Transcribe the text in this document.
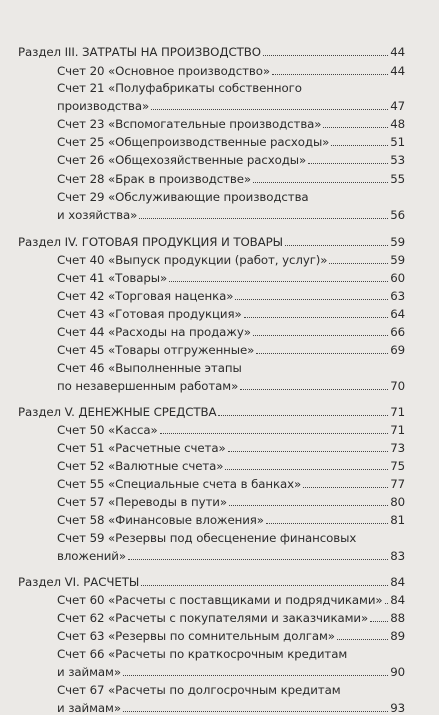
Раздел III. ЗАТРАТЫ НА ПРОИЗВОДСТВО	44
Счет 20 «Основное производство»	44
Счет 21 «Полуфабрикаты собственного
производства»	47
Счет 23 «Вспомогательные производства»	48
Счет 25 «Общепроизводственные расходы»	51
Счет 26 «Общехозяйственные расходы»	53
Счет 28 «Брак в производстве»	55
Счет 29 «Обслуживающие производства
и хозяйства»	56
Раздел IV. ГОТОВАЯ ПРОДУКЦИЯ И ТОВАРЫ	59
Счет 40 «Выпуск продукции (работ, услуг)»	59
Счет 41 «Товары»	60
Счет 42 «Торговая наценка»	63
Счет 43 «Готовая продукция»	64
Счет 44 «Расходы на продажу»	66
Счет 45 «Товары отгруженные»	69
Счет 46 «Выполненные этапы
по незавершенным работам»	70
Раздел V. ДЕНЕЖНЫЕ СРЕДСТВА	71
Счет 50 «Касса»	71
Счет 51 «Расчетные счета»	73
Счет 52 «Валютные счета»	75
Счет 55 «Специальные счета в банках»	77
Счет 57 «Переводы в пути»	80
Счет 58 «Финансовые вложения»	81
Счет 59 «Резервы под обесценение финансовых
вложений»	83
Раздел VI. РАСЧЕТЫ	84
Счет 60 «Расчеты с поставщиками и подрядчиками» 84
Счет 62 «Расчеты с покупателями и заказчиками» 88
Счет 63 «Резервы по сомнительным долгам»	89
Счет 66 «Расчеты по краткосрочным кредитам
и займам»	90
Счет 67 «Расчеты по долгосрочным кредитам
и займам»	93
